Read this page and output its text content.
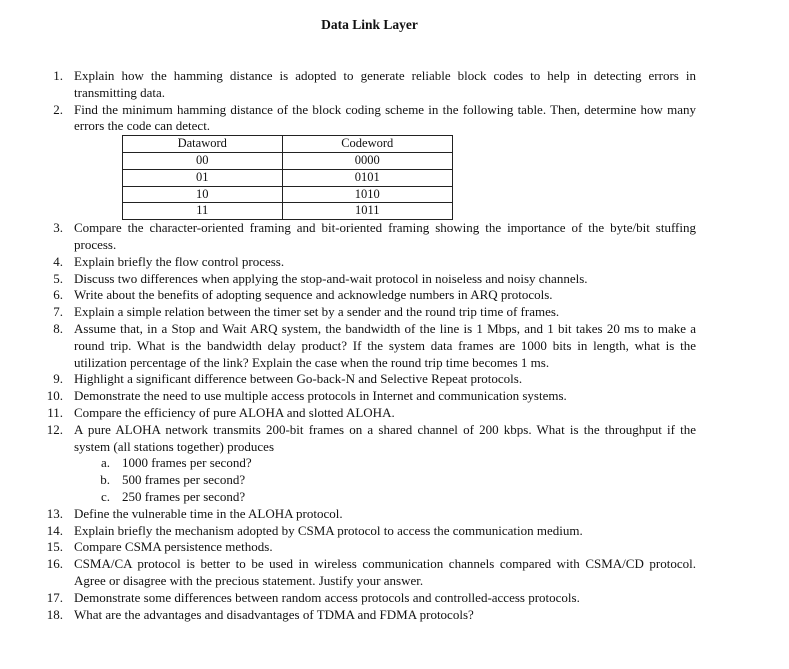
Data Link Layer
1. Explain how the hamming distance is adopted to generate reliable block codes to help in detecting errors in transmitting data.
2. Find the minimum hamming distance of the block coding scheme in the following table. Then, determine how many errors the code can detect.
Dataword	Codeword
00	0000
01	0101
10	1010
11	1011
3. Compare the character-oriented framing and bit-oriented framing showing the importance of the byte/bit stuffing process.
4. Explain briefly the flow control process.
5. Discuss two differences when applying the stop-and-wait protocol in noiseless and noisy channels.
6. Write about the benefits of adopting sequence and acknowledge numbers in ARQ protocols.
7. Explain a simple relation between the timer set by a sender and the round trip time of frames.
8. Assume that, in a Stop and Wait ARQ system, the bandwidth of the line is 1 Mbps, and 1 bit takes 20 ms to make a round trip. What is the bandwidth delay product? If the system data frames are 1000 bits in length, what is the utilization percentage of the link? Explain the case when the round trip time becomes 1 ms.
9. Highlight a significant difference between Go-back-N and Selective Repeat protocols.
10. Demonstrate the need to use multiple access protocols in Internet and communication systems.
11. Compare the efficiency of pure ALOHA and slotted ALOHA.
12. A pure ALOHA network transmits 200-bit frames on a shared channel of 200 kbps. What is the throughput if the system (all stations together) produces
a. 1000 frames per second?
b. 500 frames per second?
c. 250 frames per second?
13. Define the vulnerable time in the ALOHA protocol.
14. Explain briefly the mechanism adopted by CSMA protocol to access the communication medium.
15. Compare CSMA persistence methods.
16. CSMA/CA protocol is better to be used in wireless communication channels compared with CSMA/CD protocol. Agree or disagree with the precious statement. Justify your answer.
17. Demonstrate some differences between random access protocols and controlled-access protocols.
18. What are the advantages and disadvantages of TDMA and FDMA protocols?
